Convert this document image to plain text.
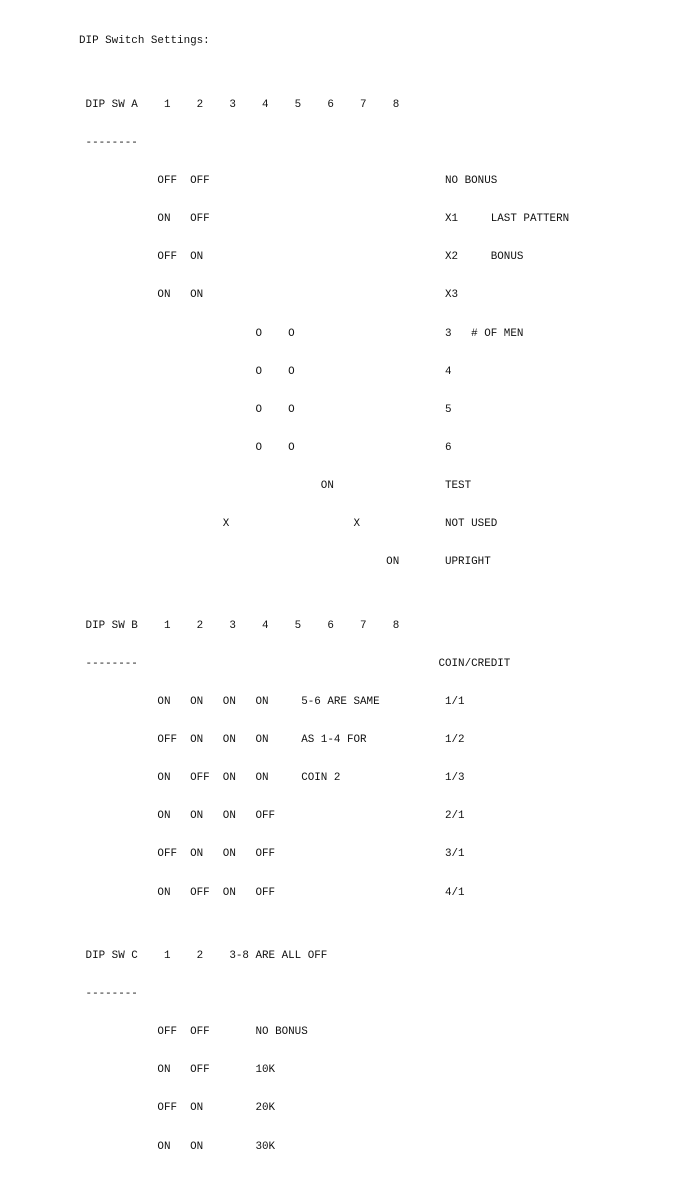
DIP Switch Settings:

DIP SW A    1    2    3    4    5    6    7    8

--------

OFF  OFF                                    NO BONUS

ON   OFF                                    X1     LAST PATTERN

OFF  ON                                     X2     BONUS

ON   ON                                     X3

O    O                       3   # OF MEN

O    O                       4

O    O                       5

O    O                       6

ON                 TEST

X                   X             NOT USED

ON       UPRIGHT

DIP SW B    1    2    3    4    5    6    7    8

--------                                              COIN/CREDIT

ON   ON   ON   ON     5-6 ARE SAME          1/1

OFF  ON   ON   ON     AS 1-4 FOR            1/2

ON   OFF  ON   ON     COIN 2                1/3

ON   ON   ON   OFF                          2/1

OFF  ON   ON   OFF                          3/1

ON   OFF  ON   OFF                          4/1

DIP SW C    1    2    3-8 ARE ALL OFF

--------

OFF  OFF       NO BONUS

ON   OFF       10K

OFF  ON        20K

ON   ON        30K
